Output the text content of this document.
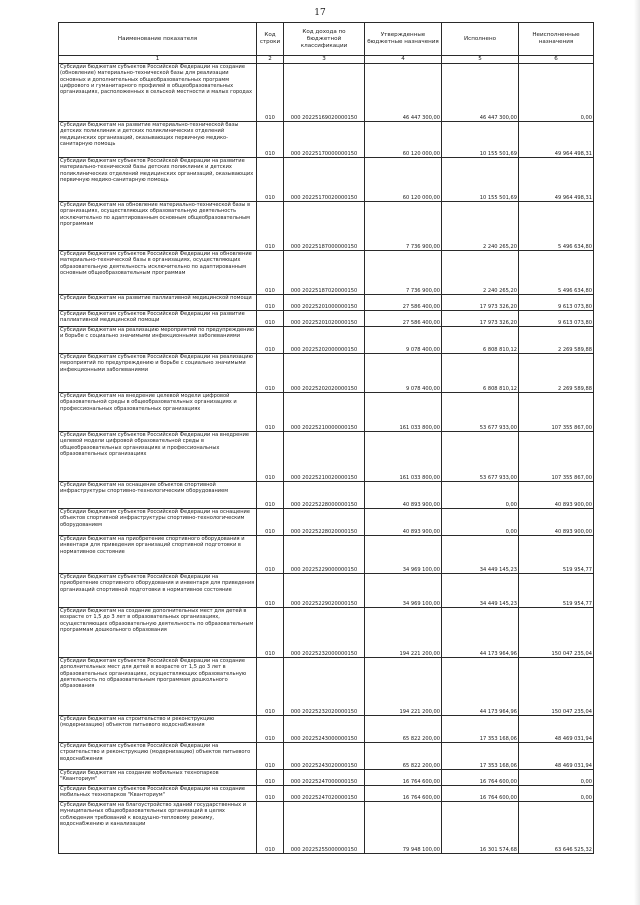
17
Наименование показателя	Код строки	Код дохода по бюджетной классификации	Утвержденные бюджетные назначения	Исполнено	Неисполненные назначения
1	2	3	4	5	6
Субсидии бюджетам субъектов Российской Федерации на создание (обновление) материально-технической базы для реализации основных и дополнительных общеобразовательных программ цифрового и гуманитарного профилей в общеобразовательных организациях, расположенных в сельской местности и малых городах	010	000 20225169020000150	46 447 300,00	46 447 300,00	0,00
Субсидии бюджетам на развитие материально-технической базы детских поликлиник и детских поликлинических отделений медицинских организаций, оказывающих первичную медико-санитарную помощь	010	000 20225170000000150	60 120 000,00	10 155 501,69	49 964 498,31
Субсидии бюджетам субъектов Российской Федерации на развитие материально-технической базы детских поликлиник и детских поликлинических отделений медицинских организаций, оказывающих первичную медико-санитарную помощь	010	000 20225170020000150	60 120 000,00	10 155 501,69	49 964 498,31
Субсидии бюджетам на обновление материально-технической базы в организациях, осуществляющих образовательную деятельность исключительно по адаптированным основным общеобразовательным программам	010	000 20225187000000150	7 736 900,00	2 240 265,20	5 496 634,80
Субсидии бюджетам субъектов Российской Федерации на обновление материально-технической базы в организациях, осуществляющих образовательную деятельность исключительно по адаптированным основным общеобразовательным программам	010	000 20225187020000150	7 736 900,00	2 240 265,20	5 496 634,80
Субсидии бюджетам на развитие паллиативной медицинской помощи	010	000 20225201000000150	27 586 400,00	17 973 326,20	9 613 073,80
Субсидии бюджетам субъектов Российской Федерации на развитие паллиативной медицинской помощи	010	000 20225201020000150	27 586 400,00	17 973 326,20	9 613 073,80
Субсидии бюджетам на реализацию мероприятий по предупреждению и борьбе с социально значимыми инфекционными заболеваниями	010	000 20225202000000150	9 078 400,00	6 808 810,12	2 269 589,88
Субсидии бюджетам субъектов Российской Федерации на реализацию мероприятий по предупреждению и борьбе с социально значимыми инфекционными заболеваниями	010	000 20225202020000150	9 078 400,00	6 808 810,12	2 269 589,88
Субсидии бюджетам на внедрение целевой модели цифровой образовательной среды в общеобразовательных организациях и профессиональных образовательных организациях	010	000 20225210000000150	161 033 800,00	53 677 933,00	107 355 867,00
Субсидии бюджетам субъектов Российской Федерации на внедрение целевой модели цифровой образовательной среды в общеобразовательных организациях и профессиональных образовательных организациях	010	000 20225210020000150	161 033 800,00	53 677 933,00	107 355 867,00
Субсидии бюджетам на оснащение объектов спортивной инфраструктуры спортивно-технологическим оборудованием	010	000 20225228000000150	40 893 900,00	0,00	40 893 900,00
Субсидии бюджетам субъектов Российской Федерации на оснащение объектов спортивной инфраструктуры спортивно-технологическим оборудованием	010	000 20225228020000150	40 893 900,00	0,00	40 893 900,00
Субсидии бюджетам на приобретение спортивного оборудования и инвентаря для приведения организаций спортивной подготовки в нормативное состояние	010	000 20225229000000150	34 969 100,00	34 449 145,23	519 954,77
Субсидии бюджетам субъектов Российской Федерации на приобретение спортивного оборудования и инвентаря для приведения организаций спортивной подготовки в нормативное состояние	010	000 20225229020000150	34 969 100,00	34 449 145,23	519 954,77
Субсидии бюджетам на создание дополнительных мест для детей в возрасте от 1,5 до 3 лет в образовательных организациях, осуществляющих образовательную деятельность по образовательным программам дошкольного образования	010	000 20225232000000150	194 221 200,00	44 173 964,96	150 047 235,04
Субсидии бюджетам субъектов Российской Федерации на создание дополнительных мест для детей в возрасте от 1,5 до 3 лет в образовательных организациях, осуществляющих образовательную деятельность по образовательным программам дошкольного образования	010	000 20225232020000150	194 221 200,00	44 173 964,96	150 047 235,04
Субсидии бюджетам на строительство и реконструкцию (модернизацию) объектов питьевого водоснабжения	010	000 20225243000000150	65 822 200,00	17 353 168,06	48 469 031,94
Субсидии бюджетам субъектов Российской Федерации на строительство и реконструкцию (модернизацию) объектов питьевого водоснабжения	010	000 20225243020000150	65 822 200,00	17 353 168,06	48 469 031,94
Субсидии бюджетам на создание мобильных технопарков "Кванториум"	010	000 20225247000000150	16 764 600,00	16 764 600,00	0,00
Субсидии бюджетам субъектов Российской Федерации на создание мобильных технопарков "Кванториум"	010	000 20225247020000150	16 764 600,00	16 764 600,00	0,00
Субсидии бюджетам на благоустройство зданий государственных и муниципальных общеобразовательных организаций в целях соблюдения требований к воздушно-тепловому режиму, водоснабжению и канализации	010	000 20225255000000150	79 948 100,00	16 301 574,68	63 646 525,32
